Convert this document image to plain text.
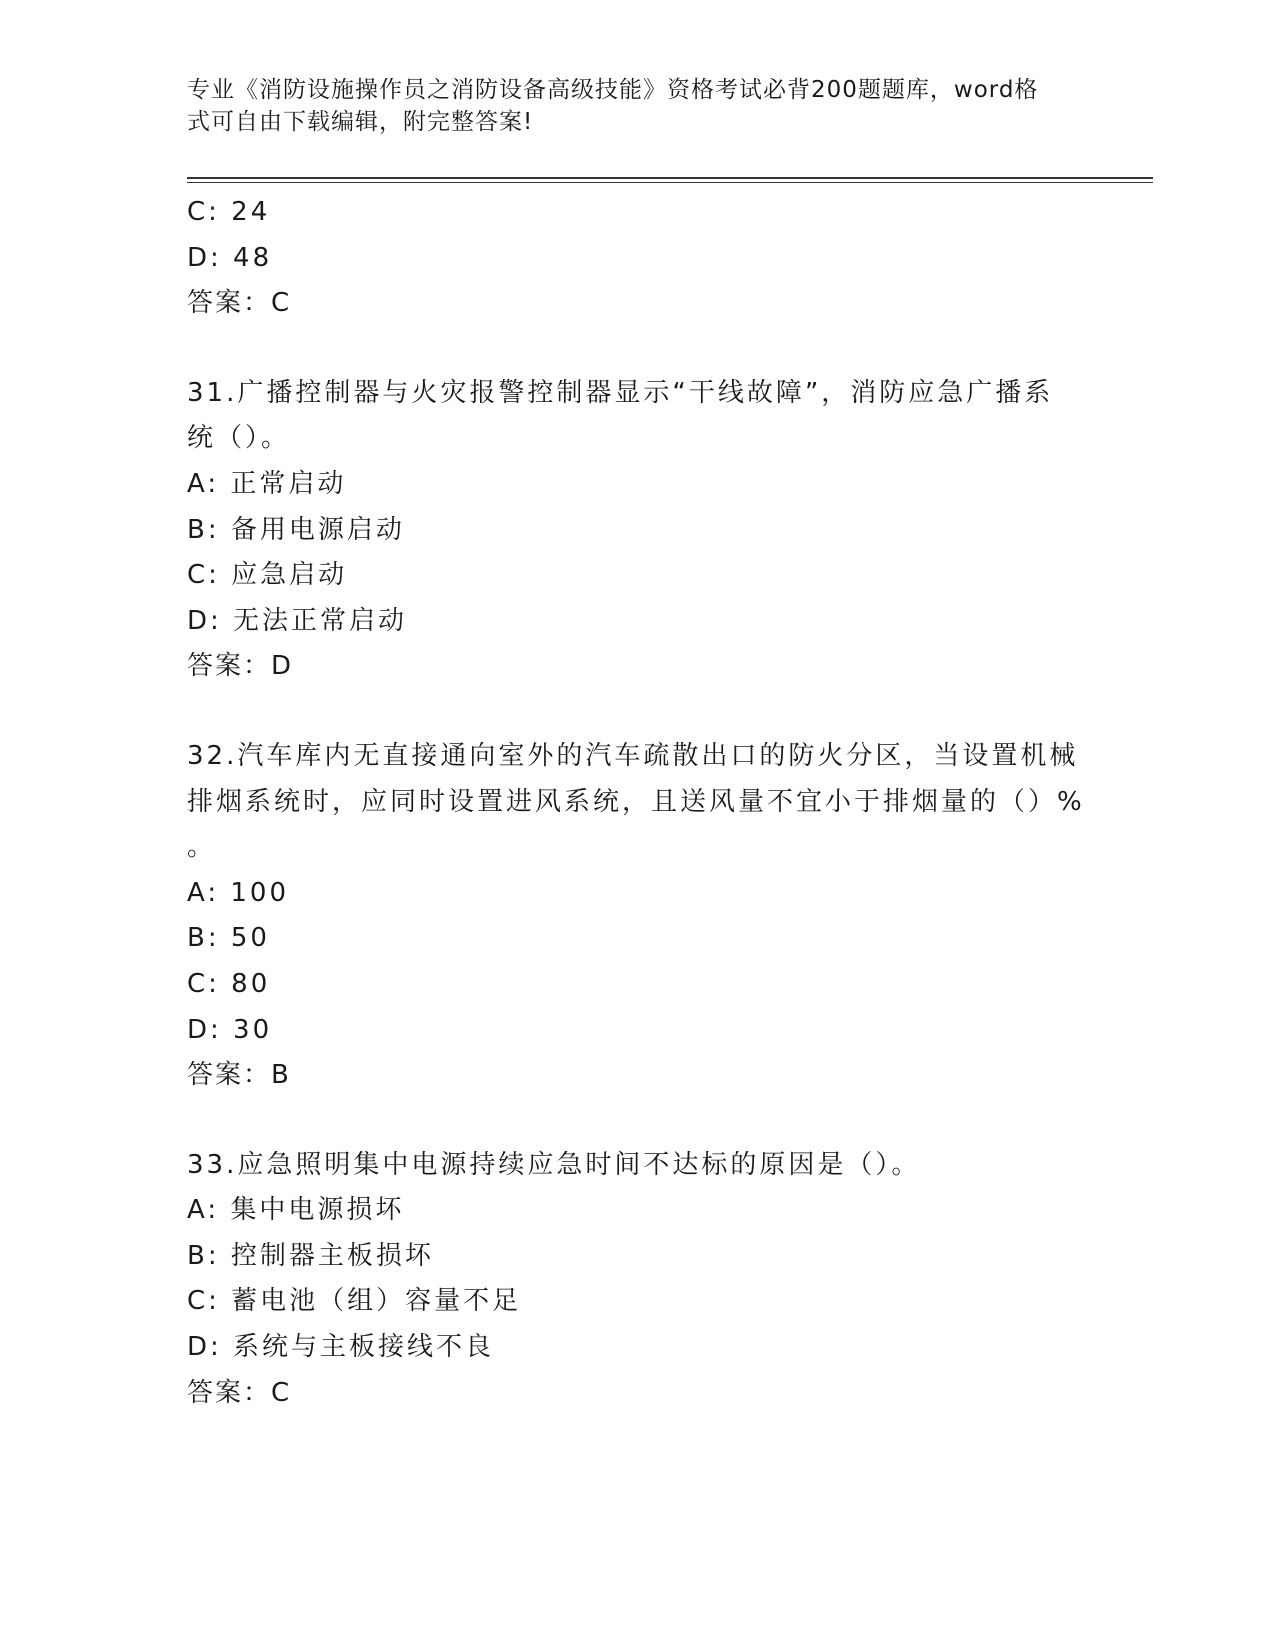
专业《消防设施操作员之消防设备高级技能》资格考试必背200题题库，word格
式可自由下载编辑，附完整答案!
C: 24
D: 48
答案：C
31.广播控制器与火灾报警控制器显示“干线故障”，消防应急广播系
统（）。
A: 正常启动
B: 备用电源启动
C: 应急启动
D: 无法正常启动
答案：D
32.汽车库内无直接通向室外的汽车疏散出口的防火分区，当设置机械
排烟系统时，应同时设置进风系统，且送风量不宜小于排烟量的（）%
。
A: 100
B: 50
C: 80
D: 30
答案：B
33.应急照明集中电源持续应急时间不达标的原因是（）。
A: 集中电源损坏
B: 控制器主板损坏
C: 蓄电池（组）容量不足
D: 系统与主板接线不良
答案：C
